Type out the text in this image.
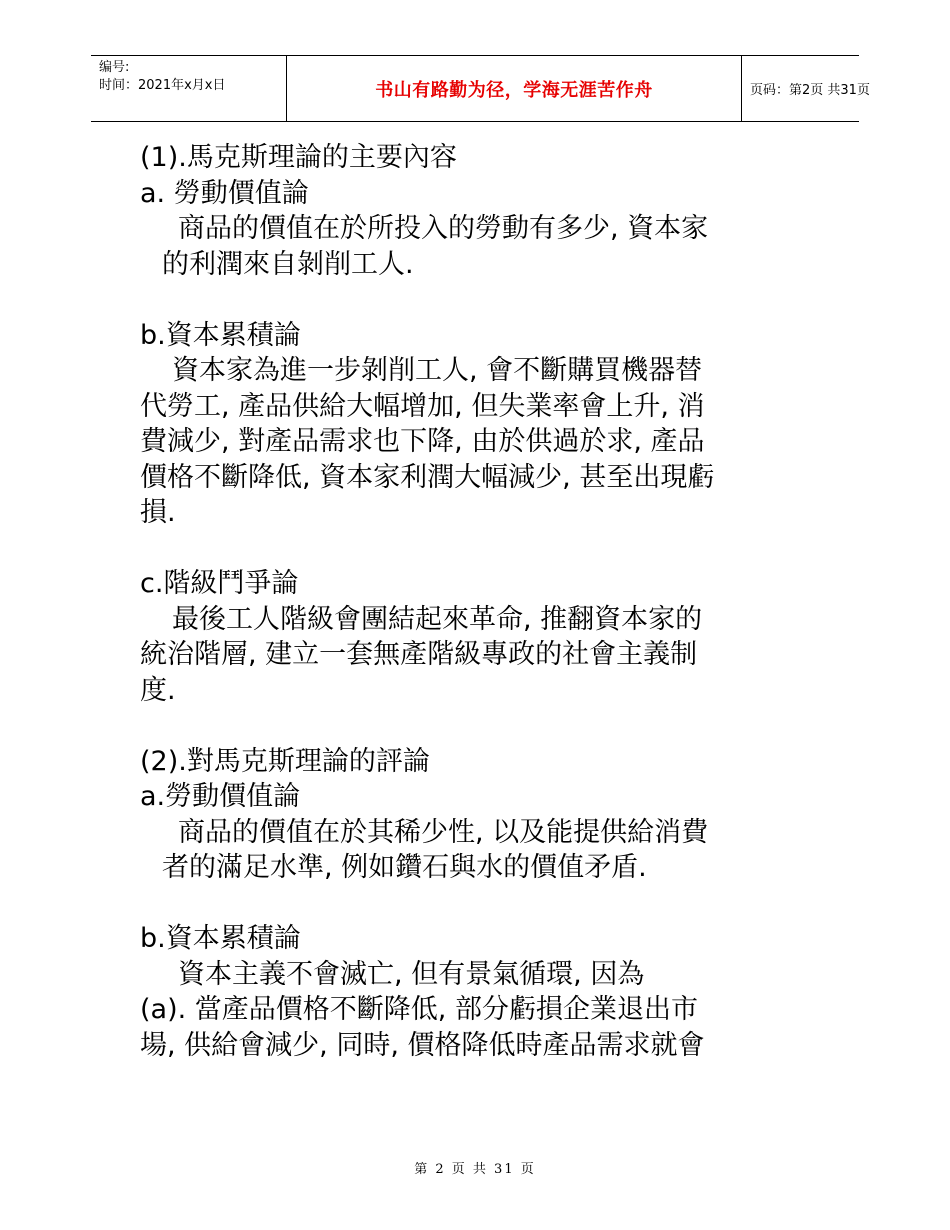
编号:
时间：2021年x月x日	书山有路勤为径，学海无涯苦作舟	页码：第2页 共31页
(1).馬克斯理論的主要內容
a. 勞動價值論
商品的價值在於所投入的勞動有多少, 資本家
的利潤來自剝削工人.
b.資本累積論
資本家為進一步剝削工人, 會不斷購買機器替
代勞工, 產品供給大幅增加, 但失業率會上升, 消
費減少, 對產品需求也下降, 由於供過於求, 產品
價格不斷降低, 資本家利潤大幅減少, 甚至出現虧
損.
c.階級鬥爭論
最後工人階級會團結起來革命, 推翻資本家的
統治階層, 建立一套無產階級專政的社會主義制
度.
(2).對馬克斯理論的評論
a.勞動價值論
商品的價值在於其稀少性, 以及能提供給消費
者的滿足水準, 例如鑽石與水的價值矛盾.
b.資本累積論
資本主義不會滅亡, 但有景氣循環, 因為
(a). 當產品價格不斷降低, 部分虧損企業退出市
場, 供給會減少, 同時, 價格降低時產品需求就會
第 2 页 共 31 页
